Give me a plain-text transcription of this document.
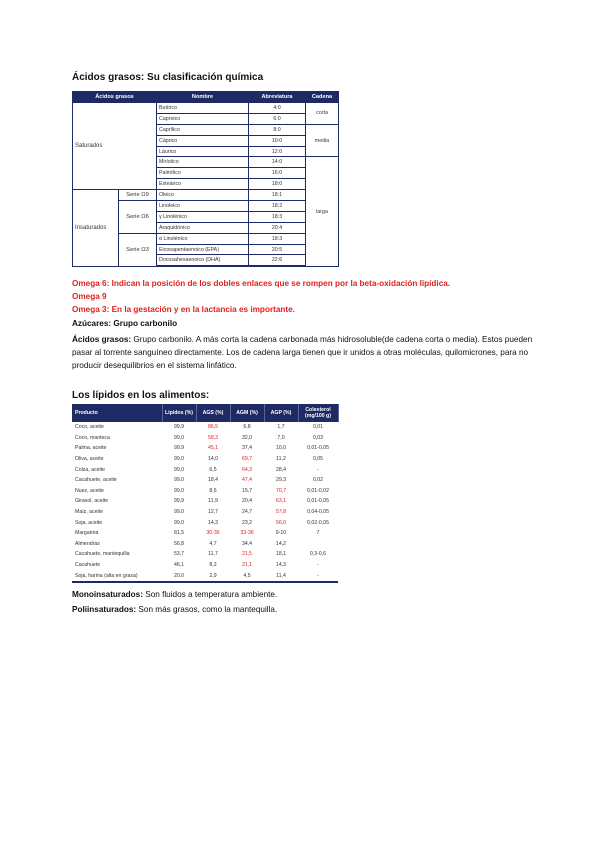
Ácidos grasos: Su clasificación química
Ácidos grasos		Nombre	Abreviatura	Cadena
Saturados		Butírico	4:0	corta
		Caproico	6:0	
		Caprílico	8:0	media
		Cáprico	10:0	
		Láurico	12:0	
		Mirístico	14:0	larga
		Palmítico	16:0	
		Esteárico	18:0	
Insaturados	Serie Ω9	Oleico	18:1	
	Serie Ω6	Linoleico	18:2	
		γ Linolénico	18:3	
		Araquidónico	20:4	
	Serie Ω3	α Linolénico	18:3	
		Eicosapentaenoico (EPA)	20:5	
		Docosahexaenoico (DHA)	22:6	
Omega 6: Indican la posición de los dobles enlaces que se rompen por la beta-oxidación lipídica.
Omega 9
Omega 3: En la gestación y en la lactancia es importante.
Azúcares: Grupo carbonilo
Ácidos grasos: Grupo carbonilo. A más corta la cadena carbonada más hidrosoluble(de cadena corta o media). Estos pueden pasar al torrente sanguíneo directamente. Los de cadena larga tienen que ir unidos a otras moléculas, quilomicrones, para no producir desequilibrios en el sistema linfático.
Los lípidos en los alimentos:
Producto	Lípidos (%)	AGS (%)	AGM (%)	AGP (%)	Colesterol (mg/100 g)
Coco, aceite	99,9	86,5	6,8	1,7	0,01
Coco, manteca	99,0	58,3	32,0	7,0	0,03
Palma, aceite	99,9	45,1	37,4	10,0	0,01-0,05
Oliva, aceite	99,0	14,0	69,7	11,2	0,05
Colza, aceite	99,0	6,5	64,3	28,4	-
Cacahuete, aceite	99,0	18,4	47,4	29,3	0,02
Nuez, aceite	99,0	8,6	15,7	70,7	0,01-0,02
Girasol, aceite	99,9	11,9	20,4	63,1	0,01-0,05
Maíz, aceite	99,0	12,7	24,7	57,8	0,04-0,05
Soja, aceite	99,0	14,3	23,2	56,0	0,02-0,05
Margarina	81,5	30-36	33-36	9-10	7
Almendras	56,8	4,7	34,4	14,2	
Cacahuete, mantequilla	53,7	11,7	21,5	18,1	0,3-0,6
Cacahuete	46,1	8,2	21,1	14,3	-
Soja, harina (alta en grasa)	20,0	2,9	4,5	11,4	-
Monoinsaturados: Son fluidos a temperatura ambiente.
Poliinsaturados: Son más grasos, como la mantequilla.
